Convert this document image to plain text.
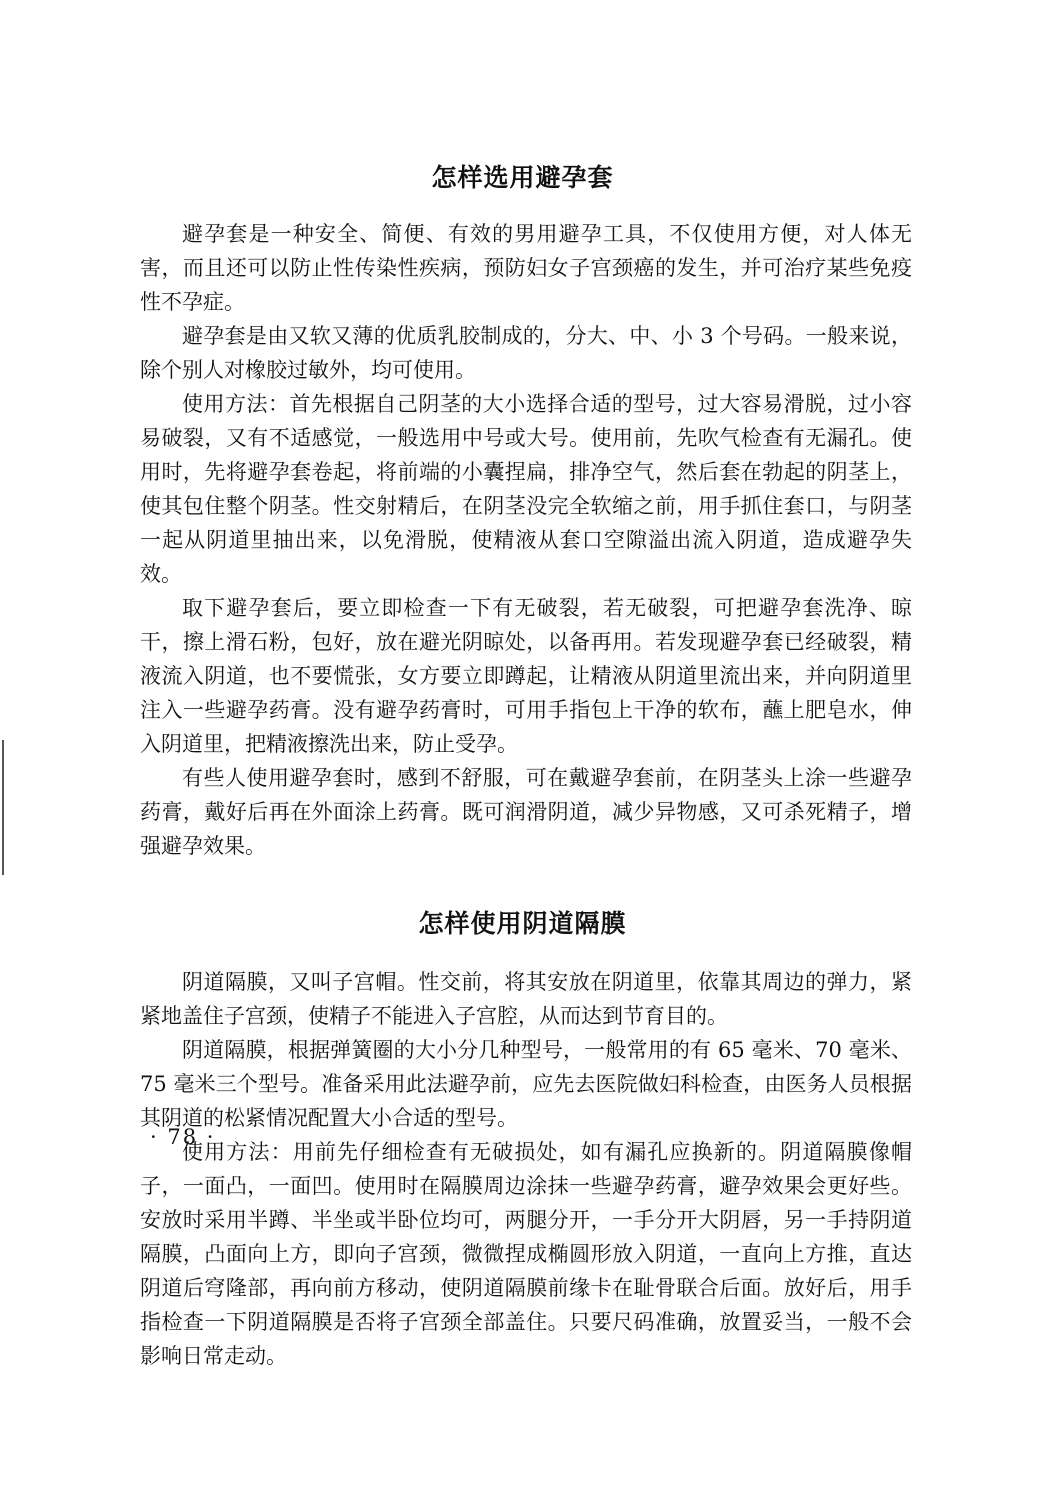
怎样选用避孕套

避孕套是一种安全、简便、有效的男用避孕工具，不仅使用方便，对人体无害，而且还可以防止性传染性疾病，预防妇女子宫颈癌的发生，并可治疗某些免疫性不孕症。

避孕套是由又软又薄的优质乳胶制成的，分大、中、小 3 个号码。一般来说，除个别人对橡胶过敏外，均可使用。

使用方法：首先根据自己阴茎的大小选择合适的型号，过大容易滑脱，过小容易破裂，又有不适感觉，一般选用中号或大号。使用前，先吹气检查有无漏孔。使用时，先将避孕套卷起，将前端的小囊捏扁，排净空气，然后套在勃起的阴茎上，使其包住整个阴茎。性交射精后，在阴茎没完全软缩之前，用手抓住套口，与阴茎一起从阴道里抽出来，以免滑脱，使精液从套口空隙溢出流入阴道，造成避孕失效。

取下避孕套后，要立即检查一下有无破裂，若无破裂，可把避孕套洗净、晾干，擦上滑石粉，包好，放在避光阴晾处，以备再用。若发现避孕套已经破裂，精液流入阴道，也不要慌张，女方要立即蹲起，让精液从阴道里流出来，并向阴道里注入一些避孕药膏。没有避孕药膏时，可用手指包上干净的软布，蘸上肥皂水，伸入阴道里，把精液擦洗出来，防止受孕。

有些人使用避孕套时，感到不舒服，可在戴避孕套前，在阴茎头上涂一些避孕药膏，戴好后再在外面涂上药膏。既可润滑阴道，减少异物感，又可杀死精子，增强避孕效果。

怎样使用阴道隔膜

阴道隔膜，又叫子宫帽。性交前，将其安放在阴道里，依靠其周边的弹力，紧紧地盖住子宫颈，使精子不能进入子宫腔，从而达到节育目的。

阴道隔膜，根据弹簧圈的大小分几种型号，一般常用的有 65 毫米、70 毫米、75 毫米三个型号。准备采用此法避孕前，应先去医院做妇科检查，由医务人员根据其阴道的松紧情况配置大小合适的型号。

使用方法：用前先仔细检查有无破损处，如有漏孔应换新的。阴道隔膜像帽子，一面凸，一面凹。使用时在隔膜周边涂抹一些避孕药膏，避孕效果会更好些。安放时采用半蹲、半坐或半卧位均可，两腿分开，一手分开大阴唇，另一手持阴道隔膜，凸面向上方，即向子宫颈，微微捏成椭圆形放入阴道，一直向上方推，直达阴道后穹隆部，再向前方移动，使阴道隔膜前缘卡在耻骨联合后面。放好后，用手指检查一下阴道隔膜是否将子宫颈全部盖住。只要尺码准确，放置妥当，一般不会影响日常走动。

· 78 ·
